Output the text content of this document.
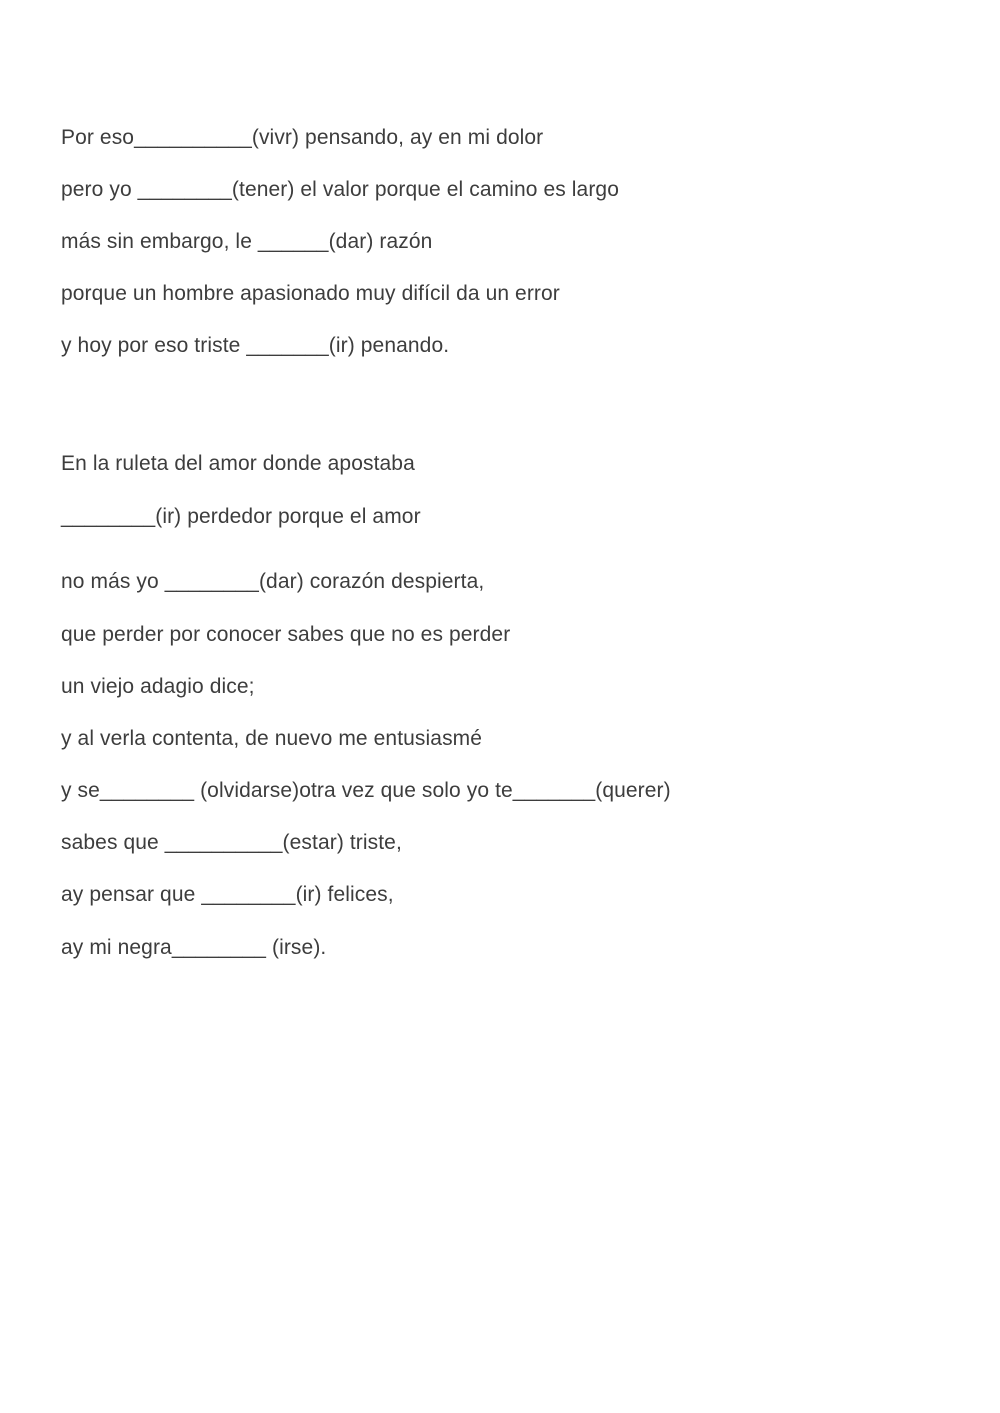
Por eso__________(vivr) pensando, ay en mi dolor
pero yo ________(tener) el valor porque el camino es largo
más sin embargo, le ______(dar) razón
porque un hombre apasionado muy difícil da un error
y hoy por eso triste _______(ir) penando.
En la ruleta del amor donde apostaba
________(ir) perdedor porque el amor
no más yo ________(dar) corazón despierta,
que perder por conocer sabes que no es perder
un viejo adagio dice;
y al verla contenta, de nuevo me entusiasmé
y se________ (olvidarse)otra vez que solo yo te_______(querer)
sabes que __________(estar) triste,
ay pensar que ________(ir) felices,
ay mi negra________ (irse).
